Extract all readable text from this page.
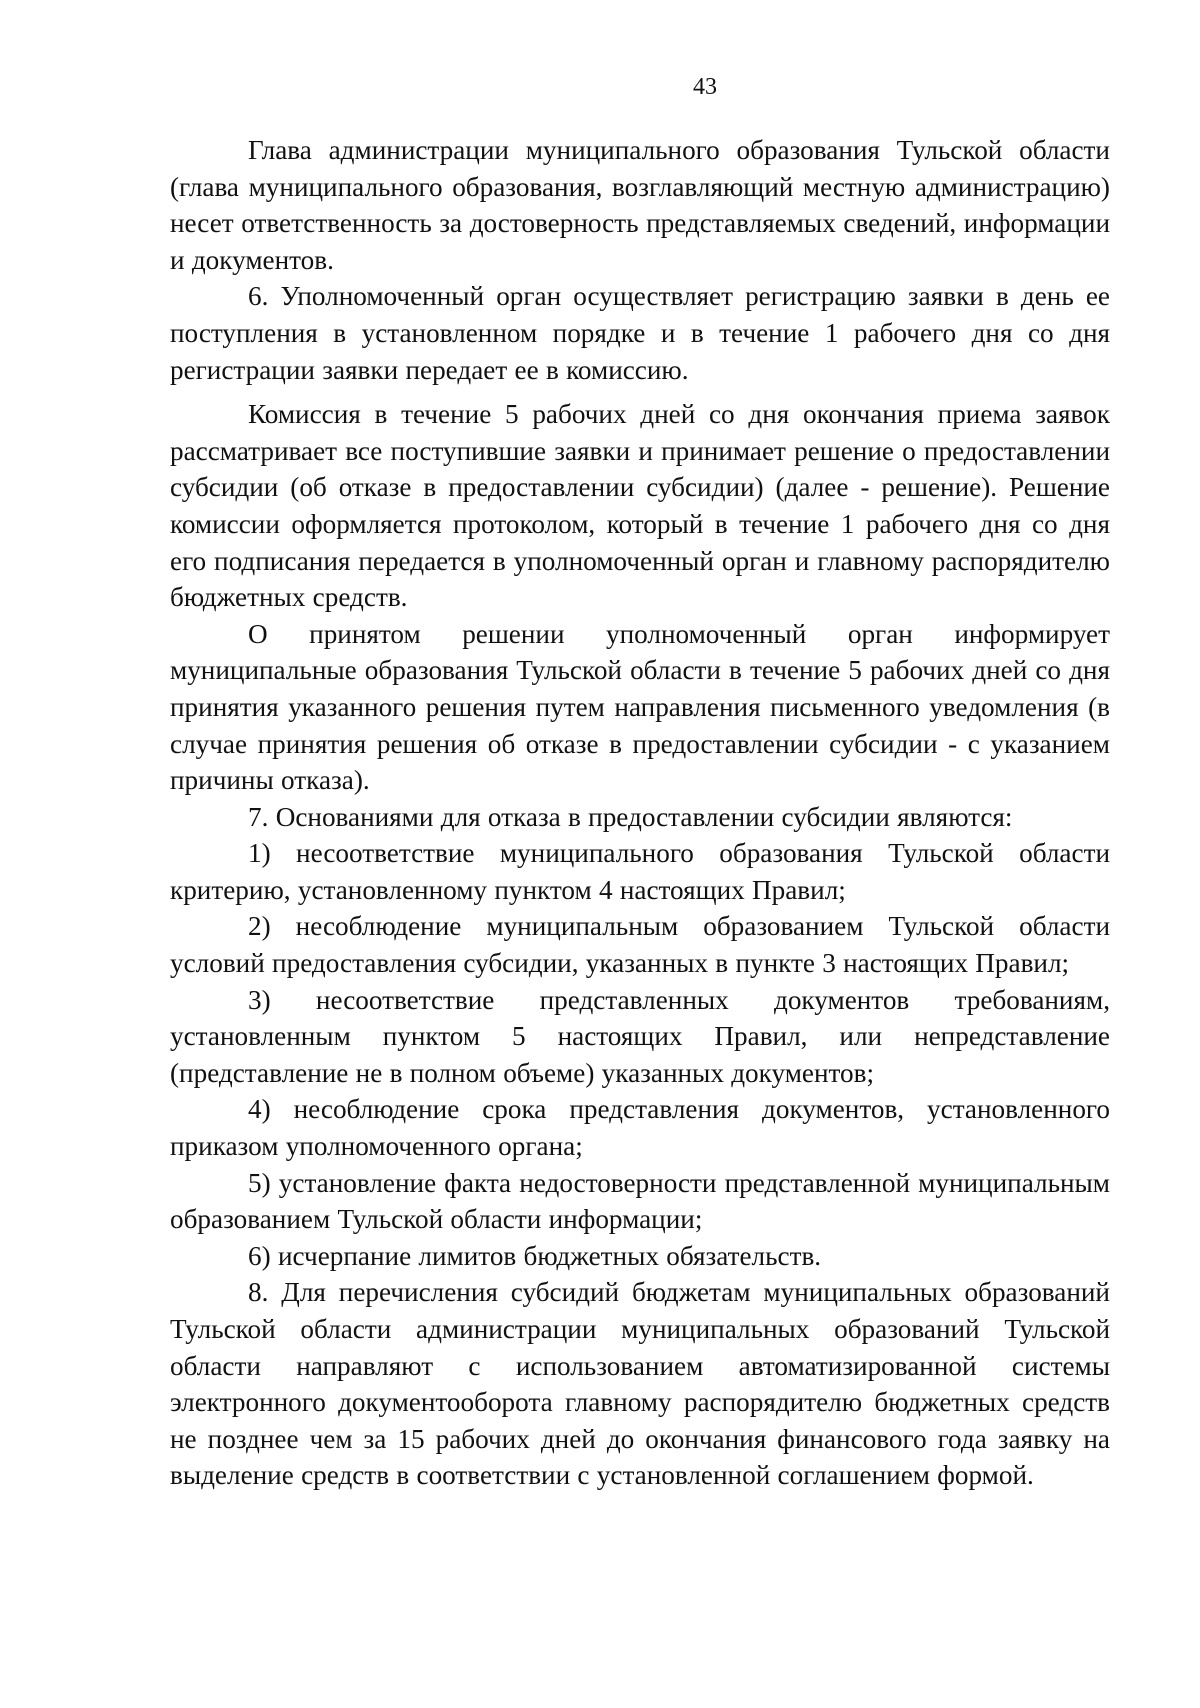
43

Глава администрации муниципального образования Тульской области (глава муниципального образования, возглавляющий местную администрацию) несет ответственность за достоверность представляемых сведений, информации и документов.

6. Уполномоченный орган осуществляет регистрацию заявки в день ее поступления в установленном порядке и в течение 1 рабочего дня со дня регистрации заявки передает ее в комиссию.

Комиссия в течение 5 рабочих дней со дня окончания приема заявок рассматривает все поступившие заявки и принимает решение о предоставлении субсидии (об отказе в предоставлении субсидии) (далее - решение). Решение комиссии оформляется протоколом, который в течение 1 рабочего дня со дня его подписания передается в уполномоченный орган и главному распорядителю бюджетных средств.

О принятом решении уполномоченный орган информирует муниципальные образования Тульской области в течение 5 рабочих дней со дня принятия указанного решения путем направления письменного уведомления (в случае принятия решения об отказе в предоставлении субсидии - с указанием причины отказа).

7. Основаниями для отказа в предоставлении субсидии являются:

1) несоответствие муниципального образования Тульской области критерию, установленному пунктом 4 настоящих Правил;

2) несоблюдение муниципальным образованием Тульской области условий предоставления субсидии, указанных в пункте 3 настоящих Правил;

3) несоответствие представленных документов требованиям, установленным пунктом 5 настоящих Правил, или непредставление (представление не в полном объеме) указанных документов;

4) несоблюдение срока представления документов, установленного приказом уполномоченного органа;

5) установление факта недостоверности представленной муниципальным образованием Тульской области информации;

6) исчерпание лимитов бюджетных обязательств.

8. Для перечисления субсидий бюджетам муниципальных образований Тульской области администрации муниципальных образований Тульской области направляют с использованием автоматизированной системы электронного документооборота главному распорядителю бюджетных средств не позднее чем за 15 рабочих дней до окончания финансового года заявку на выделение средств в соответствии с установленной соглашением формой.
